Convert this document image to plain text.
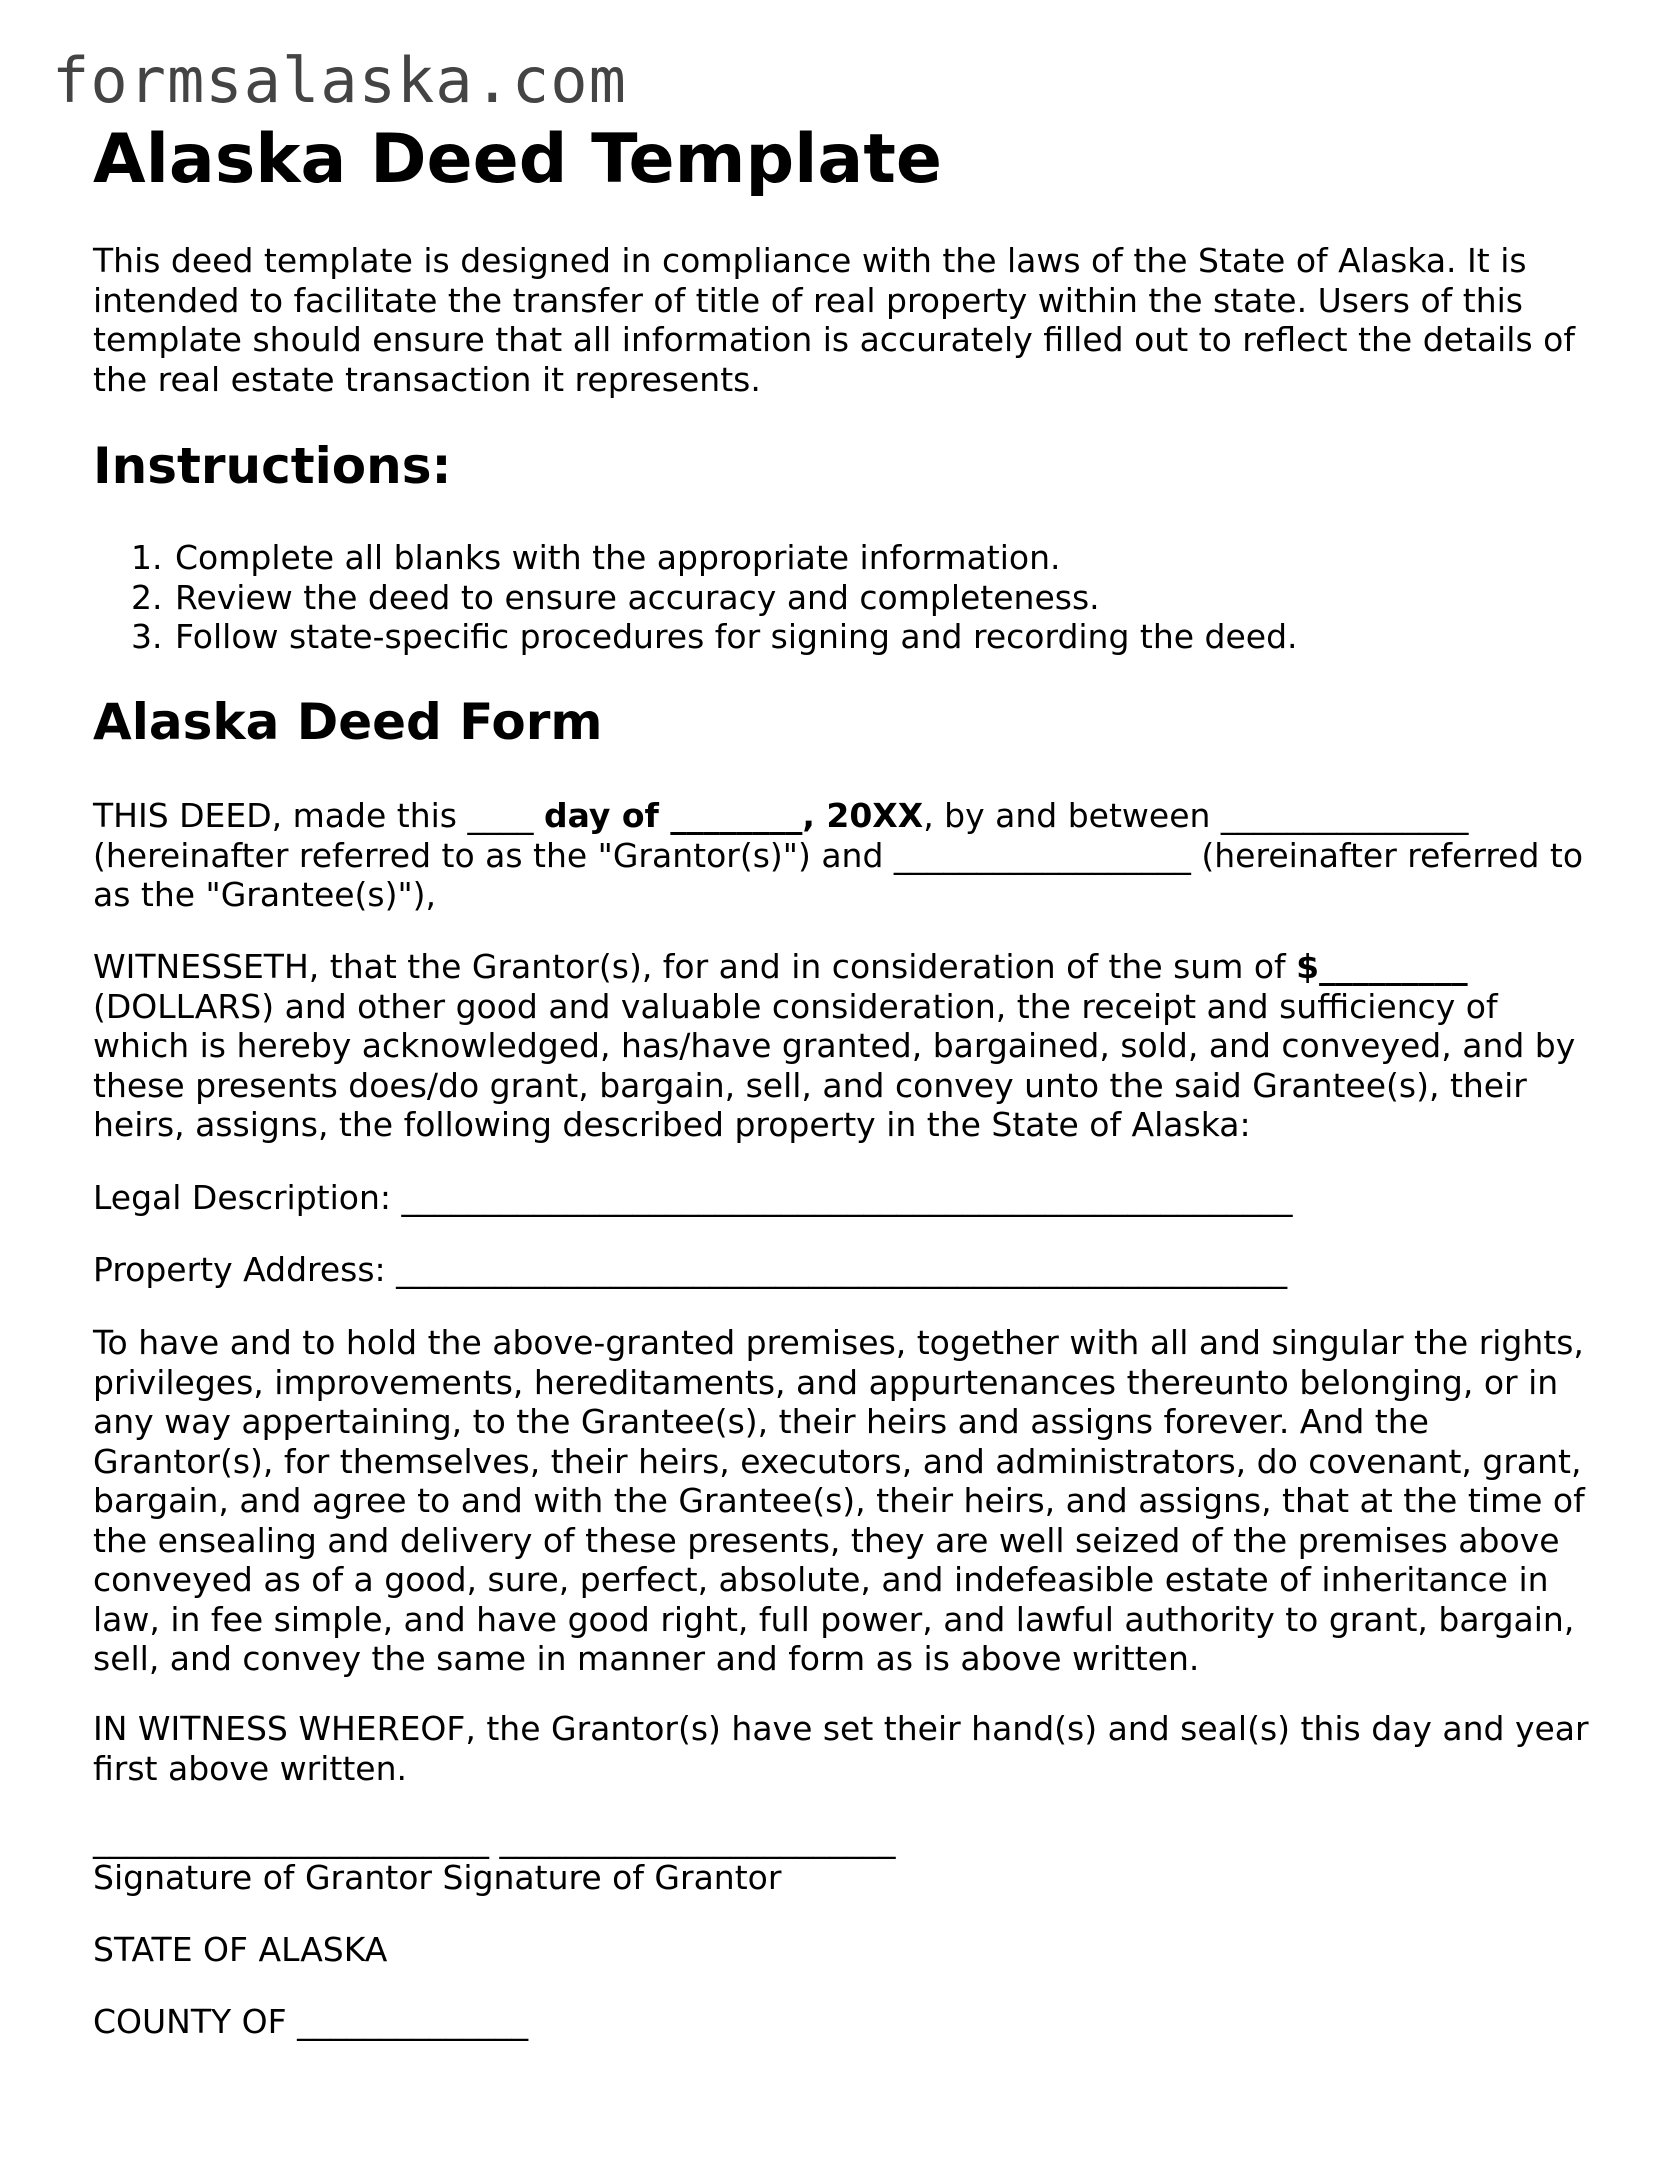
formsalaska.com
Alaska Deed Template

This deed template is designed in compliance with the laws of the State of Alaska. It is intended to facilitate the transfer of title of real property within the state. Users of this template should ensure that all information is accurately filled out to reflect the details of the real estate transaction it represents.

Instructions:
1. Complete all blanks with the appropriate information.
2. Review the deed to ensure accuracy and completeness.
3. Follow state-specific procedures for signing and recording the deed.
Alaska Deed Form

THIS DEED, made this ____ day of ________, 20XX, by and between _______________ (hereinafter referred to as the "Grantor(s)") and __________________ (hereinafter referred to as the "Grantee(s)"),

WITNESSETH, that the Grantor(s), for and in consideration of the sum of $_________ (DOLLARS) and other good and valuable consideration, the receipt and sufficiency of which is hereby acknowledged, has/have granted, bargained, sold, and conveyed, and by these presents does/do grant, bargain, sell, and convey unto the said Grantee(s), their heirs, assigns, the following described property in the State of Alaska:

Legal Description: ______________________________________________________

Property Address: ______________________________________________________

To have and to hold the above-granted premises, together with all and singular the rights, privileges, improvements, hereditaments, and appurtenances thereunto belonging, or in any way appertaining, to the Grantee(s), their heirs and assigns forever. And the Grantor(s), for themselves, their heirs, executors, and administrators, do covenant, grant, bargain, and agree to and with the Grantee(s), their heirs, and assigns, that at the time of the ensealing and delivery of these presents, they are well seized of the premises above conveyed as of a good, sure, perfect, absolute, and indefeasible estate of inheritance in law, in fee simple, and have good right, full power, and lawful authority to grant, bargain, sell, and convey the same in manner and form as is above written.

IN WITNESS WHEREOF, the Grantor(s) have set their hand(s) and seal(s) this day and year first above written.

________________________ ________________________

Signature of Grantor Signature of Grantor

STATE OF ALASKA

COUNTY OF ______________
